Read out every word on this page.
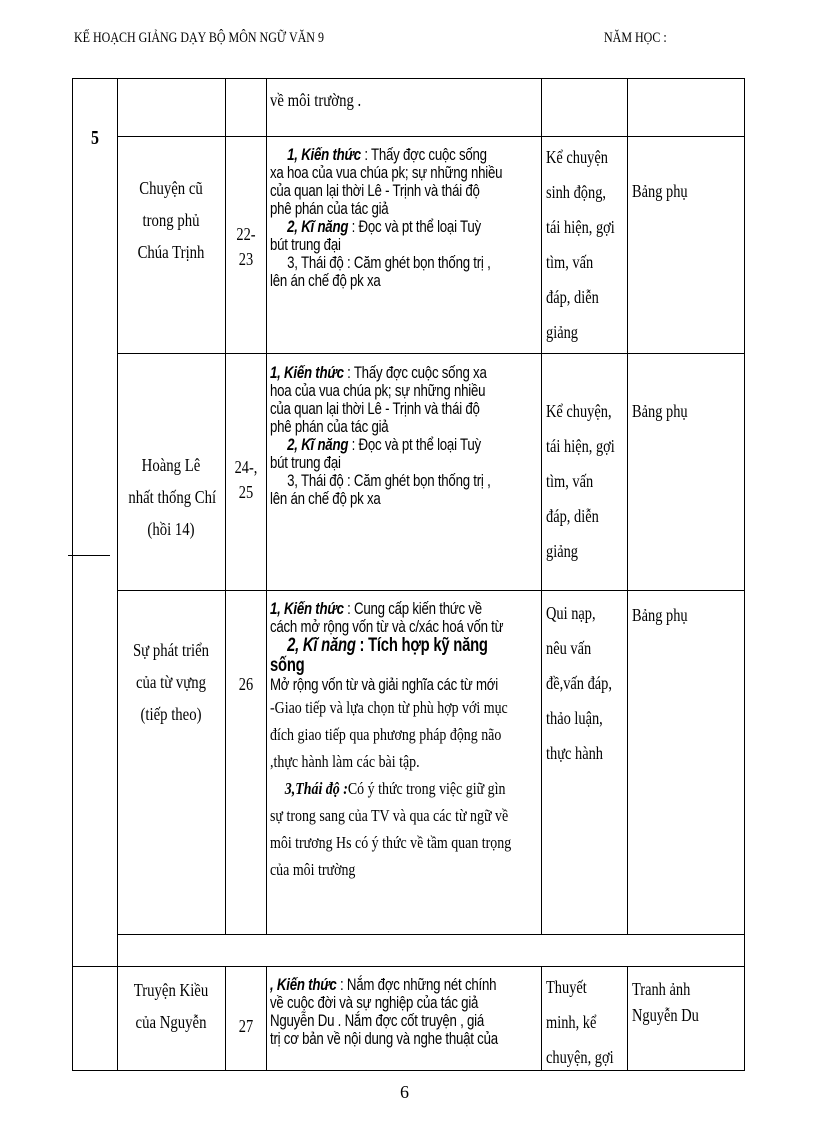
KẾ HOẠCH GIẢNG DẠY BỘ MÔN NGỮ VĂN 9	NĂM HỌC :
5
về môi trường .
Chuyện cũ
trong phủ
Chúa Trịnh
22-
23
1, Kiến thức : Thấy đợc cuộc sống
xa hoa của vua chúa pk; sự những nhiều
của quan lại thời Lê - Trịnh và thái độ
phê phán của tác giả
2, Kĩ năng : Đọc và pt thể loại Tuỳ
bút trung đại
3, Thái độ : Căm ghét bọn thống trị ,
lên án chế độ pk xa
Kể chuyện
sinh động,
tái hiện, gợi
tìm, vấn
đáp, diễn
giảng
Bảng phụ
Hoàng Lê
nhất thống Chí
(hồi 14)
24-,
25
1, Kiến thức : Thấy đợc cuộc sống xa
hoa của vua chúa pk; sự những nhiều
của quan lại thời Lê - Trịnh và thái độ
phê phán của tác giả
2, Kĩ năng : Đọc và pt thể loại Tuỳ
bút trung đại
3, Thái độ : Căm ghét bọn thống trị ,
lên án chế độ pk xa
Kể chuyện,
tái hiện, gợi
tìm, vấn
đáp, diễn
giảng
Bảng phụ
Sự phát triển
của từ vựng
(tiếp theo)
26
1, Kiến thức : Cung cấp kiến thức về
cách mở rộng vốn từ và c/xác hoá vốn từ
2, Kĩ năng : Tích hợp kỹ năng
sống
Mở rộng vốn từ và giải nghĩa các từ mới
-Giao tiếp và lựa chọn từ phù hợp với mục
đích giao tiếp qua phương pháp động não
,thực hành làm các bài tập.
3,Thái độ :Có ý thức trong việc giữ gìn
sự trong sang của TV và qua các từ ngữ về
môi trương Hs có ý thức về tầm quan trọng
của môi trường
Qui nạp,
nêu vấn
đề,vấn đáp,
thảo luận,
thực hành
Bảng phụ
Truyện Kiều
của Nguyễn	27
, Kiến thức : Nắm đợc những nét chính
về cuộc đời và sự nghiệp của tác giả
Nguyễn Du . Nắm đợc cốt truyện , giá
trị cơ bản về nội dung và nghe thuật của
Thuyết
minh, kể
chuyện, gợi
Tranh ảnh
Nguyễn Du
6
